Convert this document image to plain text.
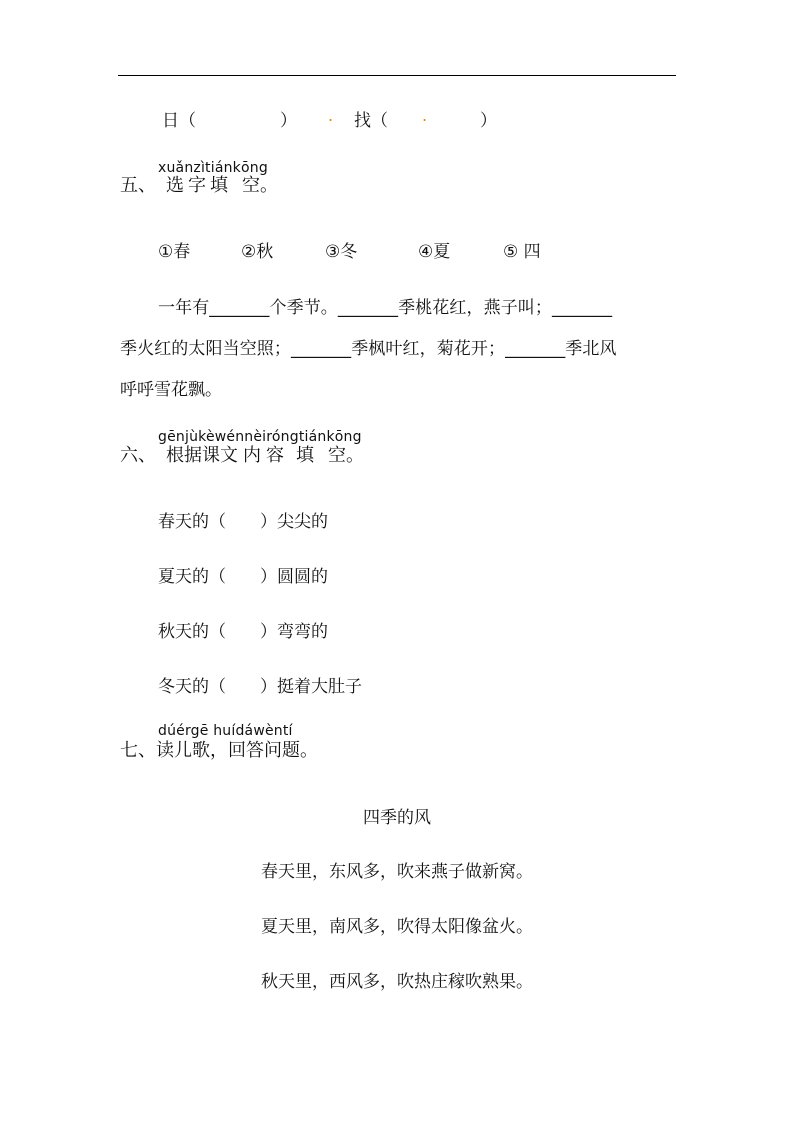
日（	） . 找（ .	）
xuǎnzìtiánkōng
五、 选 字 填 空。
①春	②秋	③冬	④夏	⑤ 四
一年有_______个季节。_______季桃花红，燕子叫；_______
季火红的太阳当空照；_______季枫叶红，菊花开；_______季北风
呼呼雪花飘。
gēnjùkèwénnèiróngtiánkōng
六、 根据课文 内 容 填 空。
春天的（　　）尖尖的
夏天的（　　）圆圆的
秋天的（　　）弯弯的
冬天的（　　）挺着大肚子
dúérgē huídáwèntí
七、读儿歌，回答问题。
四季的风
春天里，东风多，吹来燕子做新窝。
夏天里，南风多，吹得太阳像盆火。
秋天里，西风多，吹热庄稼吹熟果。
